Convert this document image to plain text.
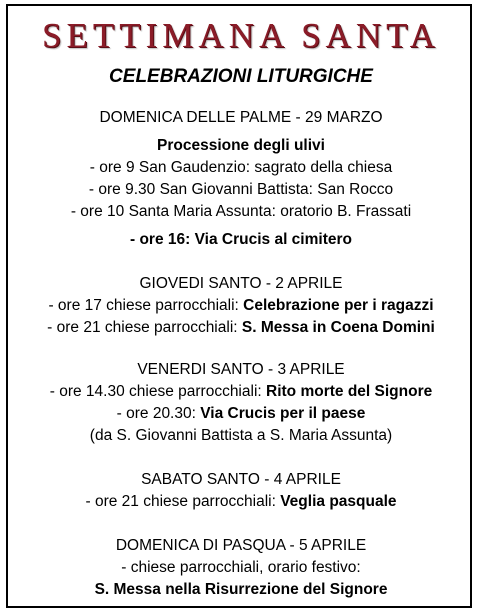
SETTIMANA SANTA
CELEBRAZIONI LITURGICHE
DOMENICA DELLE PALME - 29 MARZO
Processione degli ulivi
- ore 9 San Gaudenzio: sagrato della chiesa
- ore 9.30 San Giovanni Battista: San Rocco
- ore 10 Santa Maria Assunta: oratorio B. Frassati
- ore 16: Via Crucis al cimitero
GIOVEDI SANTO - 2 APRILE
- ore 17 chiese parrocchiali: Celebrazione per i ragazzi
- ore 21 chiese parrocchiali: S. Messa in Coena Domini
VENERDI SANTO - 3 APRILE
- ore 14.30 chiese parrocchiali: Rito morte del Signore
- ore 20.30: Via Crucis per il paese
(da S. Giovanni Battista a S. Maria Assunta)
SABATO SANTO - 4 APRILE
- ore 21 chiese parrocchiali: Veglia pasquale
DOMENICA DI PASQUA - 5 APRILE
- chiese parrocchiali, orario festivo:
S. Messa nella Risurrezione del Signore
